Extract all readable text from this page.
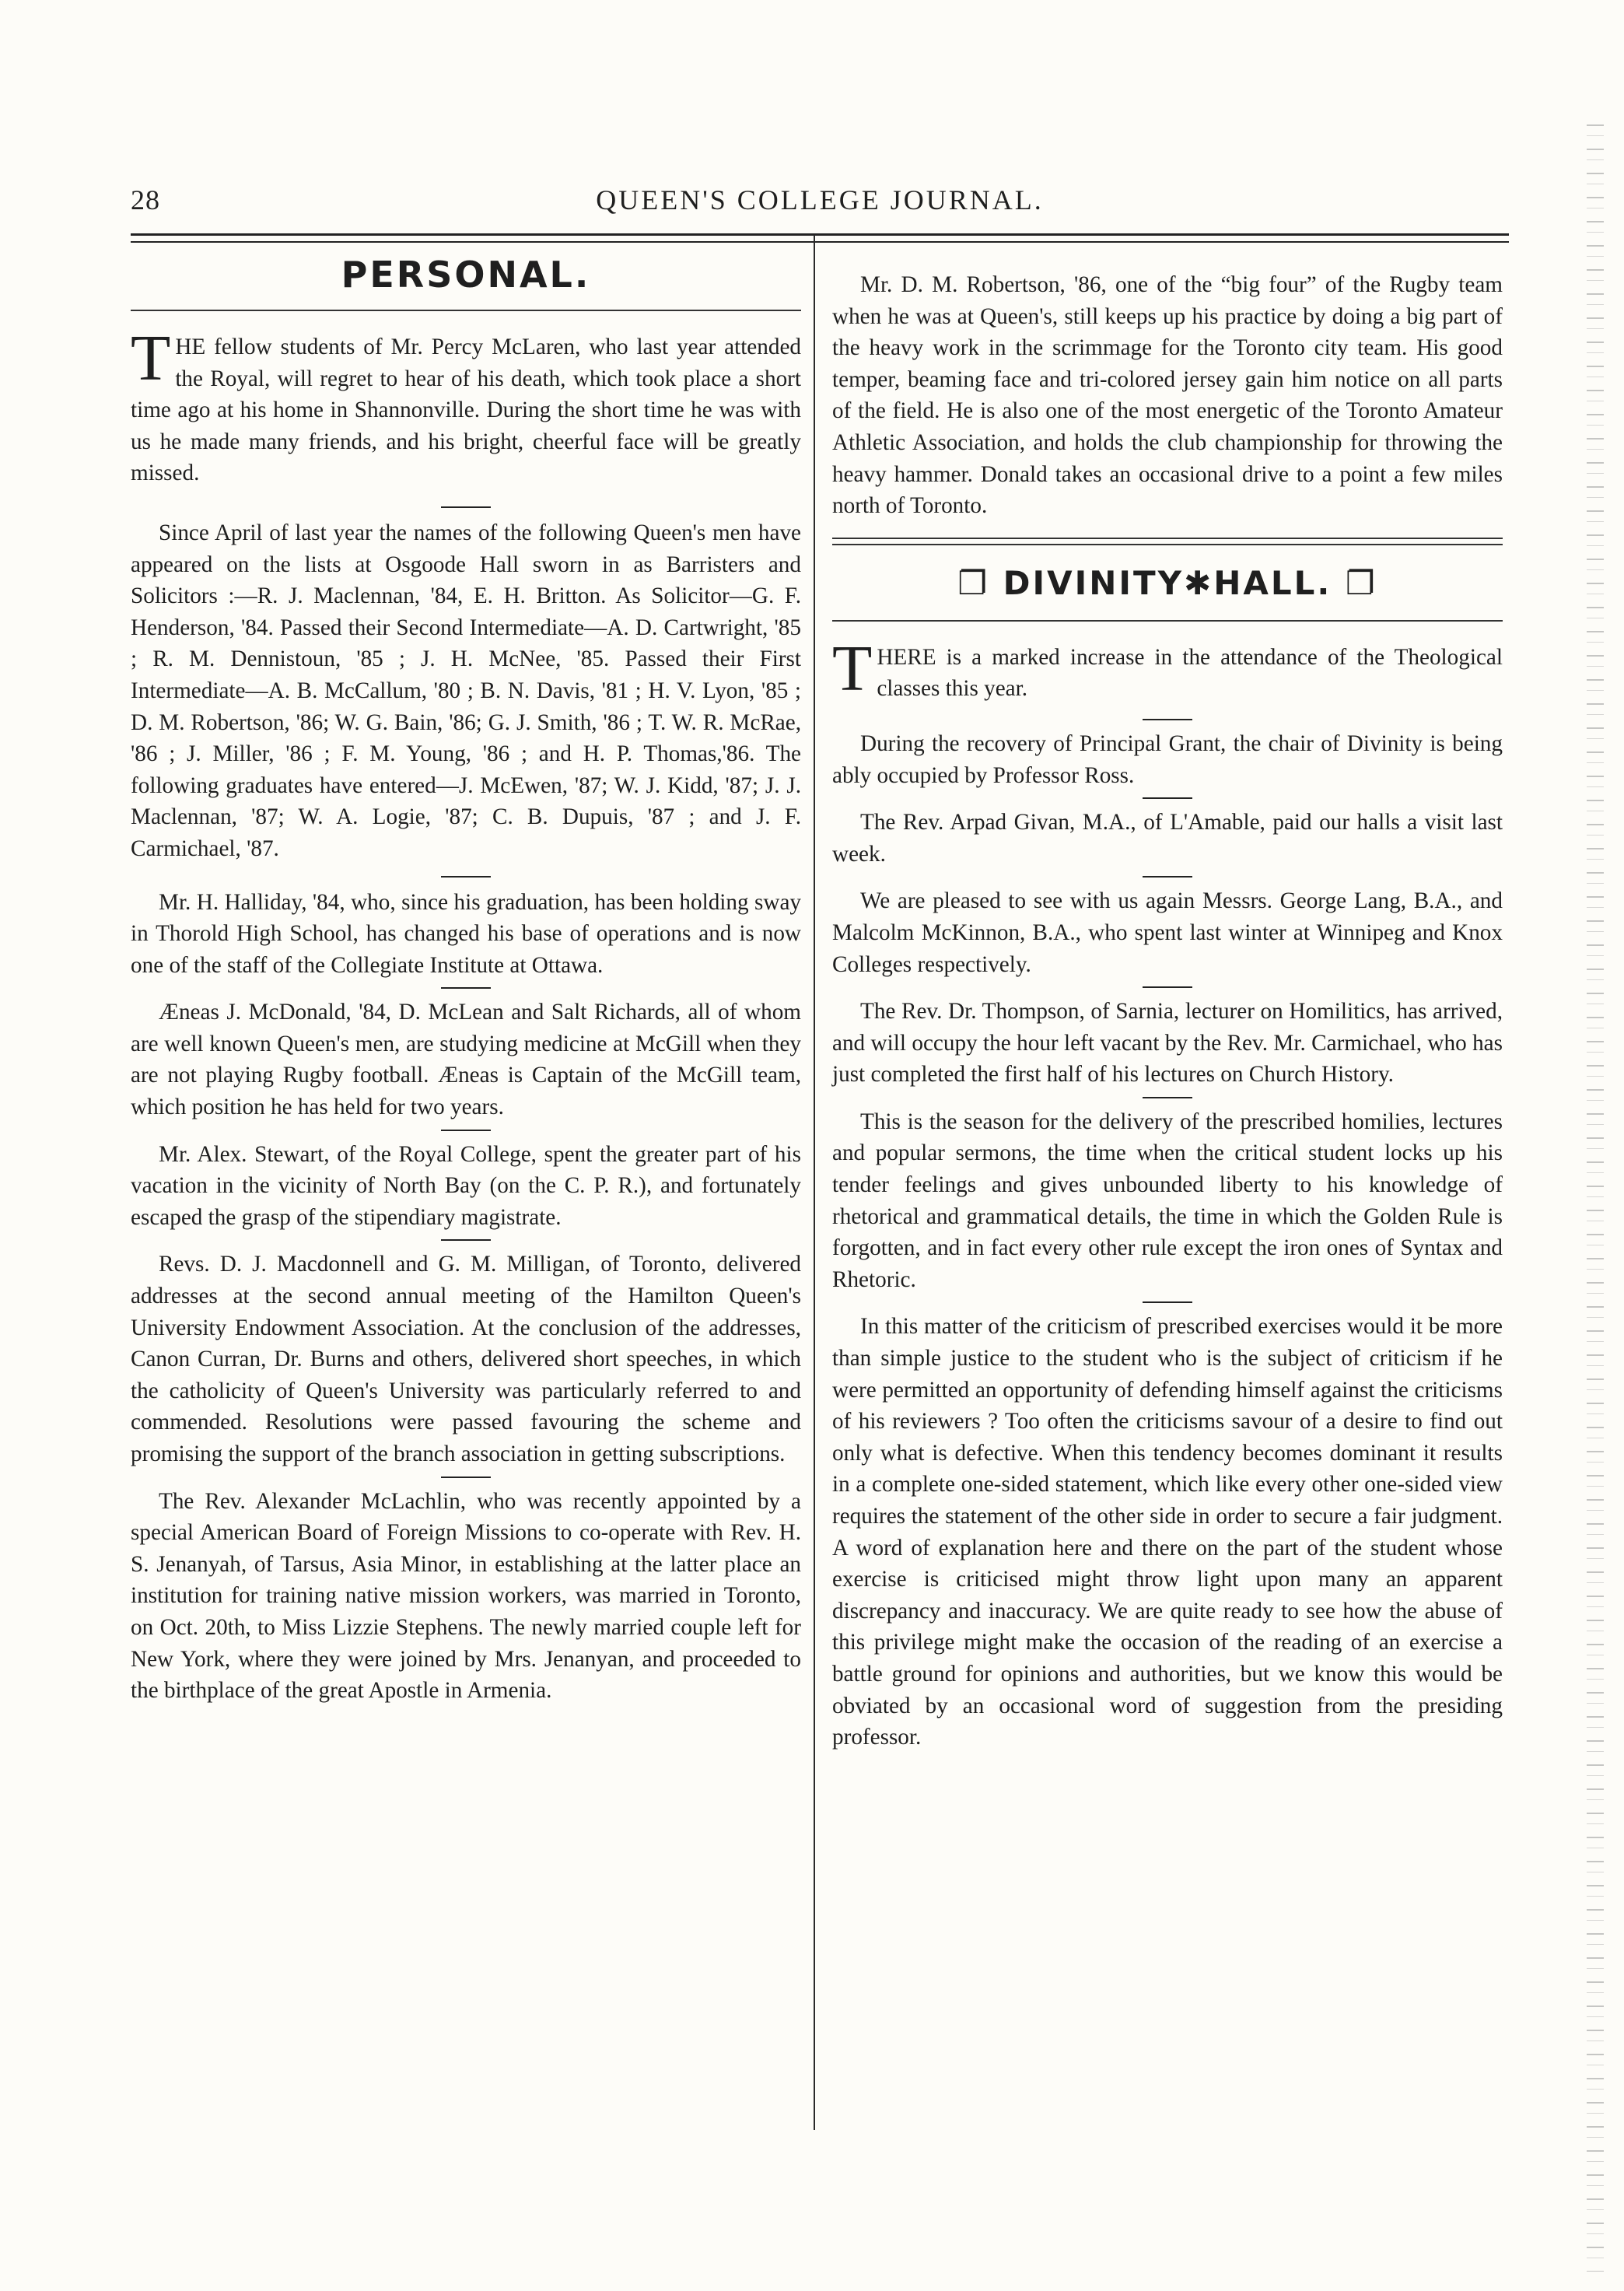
28	QUEEN'S COLLEGE JOURNAL.
PERSONAL.

THE fellow students of Mr. Percy McLaren, who last year attended the Royal, will regret to hear of his death, which took place a short time ago at his home in Shannonville. During the short time he was with us he made many friends, and his bright, cheerful face will be greatly missed.

Since April of last year the names of the following Queen's men have appeared on the lists at Osgoode Hall sworn in as Barristers and Solicitors :—R. J. Maclennan, '84, E. H. Britton. As Solicitor—G. F. Henderson, '84. Passed their Second Intermediate—A. D. Cartwright, '85 ; R. M. Dennistoun, '85 ; J. H. McNee, '85. Passed their First Intermediate—A. B. McCallum, '80 ; B. N. Davis, '81 ; H. V. Lyon, '85 ; D. M. Robertson, '86; W. G. Bain, '86; G. J. Smith, '86 ; T. W. R. McRae, '86 ; J. Miller, '86 ; F. M. Young, '86 ; and H. P. Thomas,'86. The following graduates have entered—J. McEwen, '87; W. J. Kidd, '87; J. J. Maclennan, '87; W. A. Logie, '87; C. B. Dupuis, '87 ; and J. F. Carmichael, '87.

Mr. H. Halliday, '84, who, since his graduation, has been holding sway in Thorold High School, has changed his base of operations and is now one of the staff of the Collegiate Institute at Ottawa.

Æneas J. McDonald, '84, D. McLean and Salt Richards, all of whom are well known Queen's men, are studying medicine at McGill when they are not playing Rugby football. Æneas is Captain of the McGill team, which position he has held for two years.

Mr. Alex. Stewart, of the Royal College, spent the greater part of his vacation in the vicinity of North Bay (on the C. P. R.), and fortunately escaped the grasp of the stipendiary magistrate.

Revs. D. J. Macdonnell and G. M. Milligan, of Toronto, delivered addresses at the second annual meeting of the Hamilton Queen's University Endowment Association. At the conclusion of the addresses, Canon Curran, Dr. Burns and others, delivered short speeches, in which the catholicity of Queen's University was particularly referred to and commended. Resolutions were passed favouring the scheme and promising the support of the branch association in getting subscriptions.

The Rev. Alexander McLachlin, who was recently appointed by a special American Board of Foreign Missions to co-operate with Rev. H. S. Jenanyah, of Tarsus, Asia Minor, in establishing at the latter place an institution for training native mission workers, was married in Toronto, on Oct. 20th, to Miss Lizzie Stephens. The newly married couple left for New York, where they were joined by Mrs. Jenanyan, and proceeded to the birthplace of the great Apostle in Armenia.

Mr. D. M. Robertson, '86, one of the “big four” of the Rugby team when he was at Queen's, still keeps up his practice by doing a big part of the heavy work in the scrimmage for the Toronto city team. His good temper, beaming face and tri-colored jersey gain him notice on all parts of the field. He is also one of the most energetic of the Toronto Amateur Athletic Association, and holds the club championship for throwing the heavy hammer. Donald takes an occasional drive to a point a few miles north of Toronto.

❐ DIVINITY✱HALL. ❐

THERE is a marked increase in the attendance of the Theological classes this year.

During the recovery of Principal Grant, the chair of Divinity is being ably occupied by Professor Ross.

The Rev. Arpad Givan, M.A., of L'Amable, paid our halls a visit last week.

We are pleased to see with us again Messrs. George Lang, B.A., and Malcolm McKinnon, B.A., who spent last winter at Winnipeg and Knox Colleges respectively.

The Rev. Dr. Thompson, of Sarnia, lecturer on Homilitics, has arrived, and will occupy the hour left vacant by the Rev. Mr. Carmichael, who has just completed the first half of his lectures on Church History.

This is the season for the delivery of the prescribed homilies, lectures and popular sermons, the time when the critical student locks up his tender feelings and gives unbounded liberty to his knowledge of rhetorical and grammatical details, the time in which the Golden Rule is forgotten, and in fact every other rule except the iron ones of Syntax and Rhetoric.

In this matter of the criticism of prescribed exercises would it be more than simple justice to the student who is the subject of criticism if he were permitted an opportunity of defending himself against the criticisms of his reviewers ? Too often the criticisms savour of a desire to find out only what is defective. When this tendency becomes dominant it results in a complete one-sided statement, which like every other one-sided view requires the statement of the other side in order to secure a fair judgment. A word of explanation here and there on the part of the student whose exercise is criticised might throw light upon many an apparent discrepancy and inaccuracy. We are quite ready to see how the abuse of this privilege might make the occasion of the reading of an exercise a battle ground for opinions and authorities, but we know this would be obviated by an occasional word of suggestion from the presiding professor.
